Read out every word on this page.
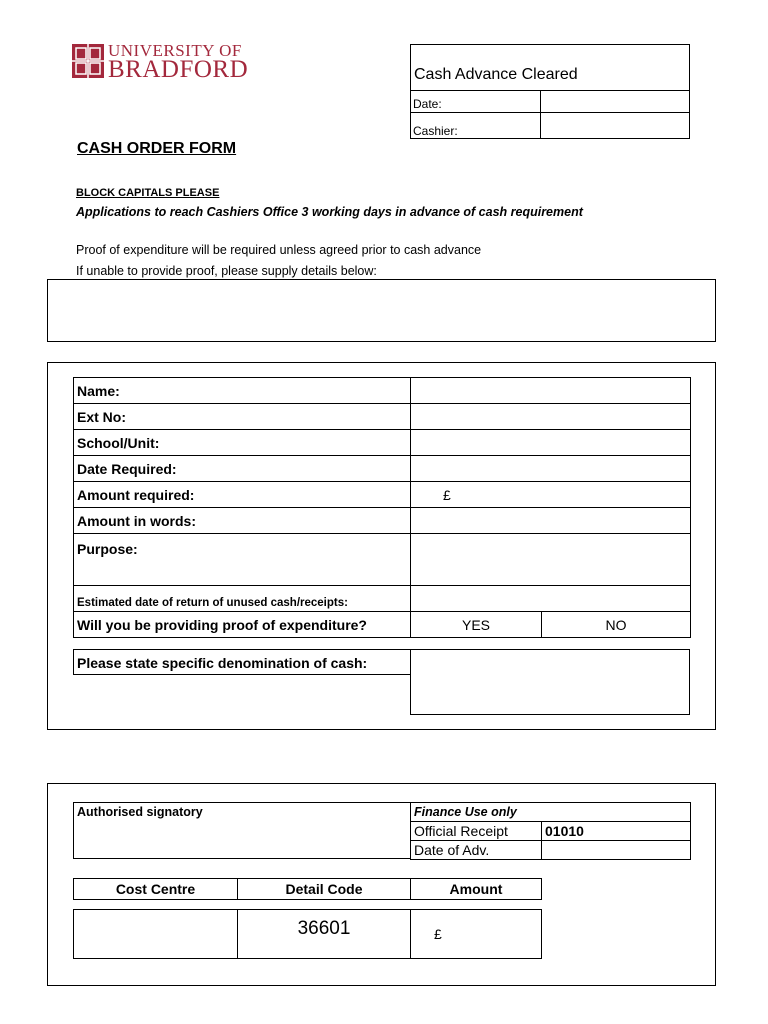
UNIVERSITY OF
BRADFORD	Cash Advance Cleared
Date:
Cashier:
CASH ORDER FORM
BLOCK CAPITALS PLEASE
Applications to reach Cashiers Office 3 working days in advance of cash requirement
Proof of expenditure will be required unless agreed prior to cash advance
If unable to provide proof, please supply details below:
Name:		
Ext No:		
School/Unit:		
Date Required:		
Amount required:	£	
Amount in words:		
Purpose:		
Estimated date of return of unused cash/receipts:		
Will you be providing proof of expenditure?	YES	NO
Please state specific denomination of cash:
Authorised signatory	Finance Use only	
Official Receipt	01010
Date of Adv.	
Cost Centre	Detail Code	Amount
	36601	£
